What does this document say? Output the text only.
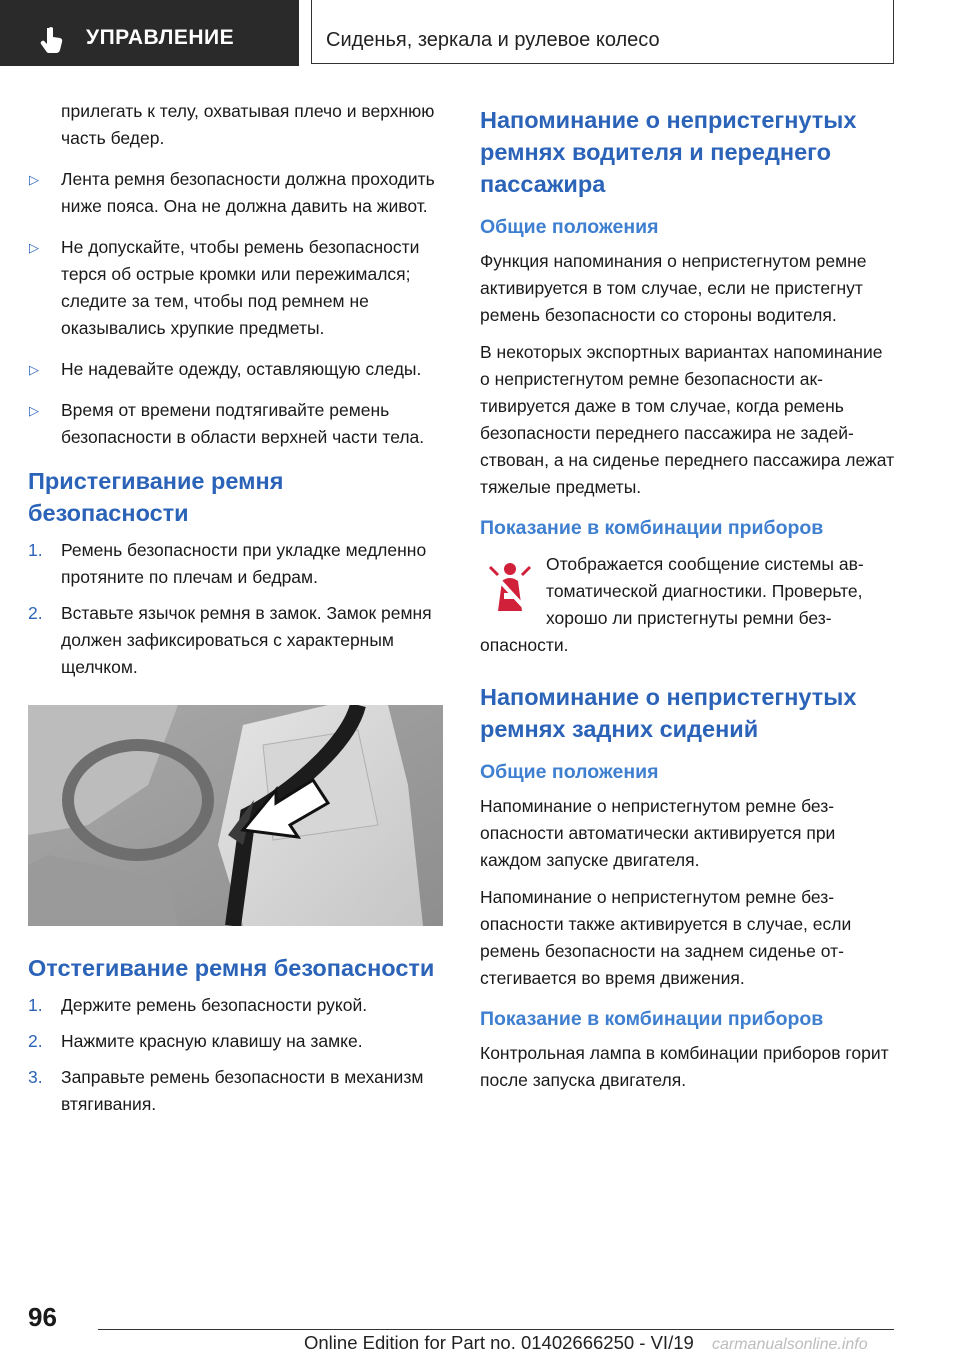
УПРАВЛЕНИЕ	Сиденья, зеркала и рулевое колесо

прилегать к телу, охватывая плечо и верхнюю часть бедер.

▷ Лента ремня безопасности должна проходить ниже пояса. Она не должна давить на живот.

▷ Не допускайте, чтобы ремень безопасности терся об острые кромки или пережимался; следите за тем, чтобы под ремнем не оказывались хрупкие предметы.

▷ Не надевайте одежду, оставляющую следы.

▷ Время от времени подтягивайте ремень безопасности в области верхней части тела.

Пристегивание ремня безопасности
1. Ремень безопасности при укладке медленно протяните по плечам и бедрам.

2. Вставьте язычок ремня в замок. Замок ремня должен зафиксироваться с характерным щелчком.

Отстегивание ремня безопасности
1. Держите ремень безопасности рукой.

2. Нажмите красную клавишу на замке.

3. Заправьте ремень безопасности в механизм втягивания.

Напоминание о непристегнутых ремнях водителя и переднего пассажира
Общие положения

Функция напоминания о непристегнутом ремне активируется в том случае, если не пристегнут ремень безопасности со стороны водителя.

В некоторых экспортных вариантах напоминание о непристегнутом ремне безопасности активируется даже в том случае, когда ремень безопасности переднего пассажира не задействован, а на сиденье переднего пассажира лежат тяжелые предметы.

Показание в комбинации приборов

Отображается сообщение системы автоматической диагностики. Проверьте, хорошо ли пристегнуты ремни безопасности.

Напоминание о непристегнутых ремнях задних сидений
Общие положения

Напоминание о непристегнутом ремне безопасности автоматически активируется при каждом запуске двигателя.

Напоминание о непристегнутом ремне безопасности также активируется в случае, если ремень безопасности на заднем сиденье отстегивается во время движения.

Показание в комбинации приборов

Контрольная лампа в комбинации приборов горит после запуска двигателя.

96
Online Edition for Part no. 01402666250 - VI/19 carmanualsonline.info
